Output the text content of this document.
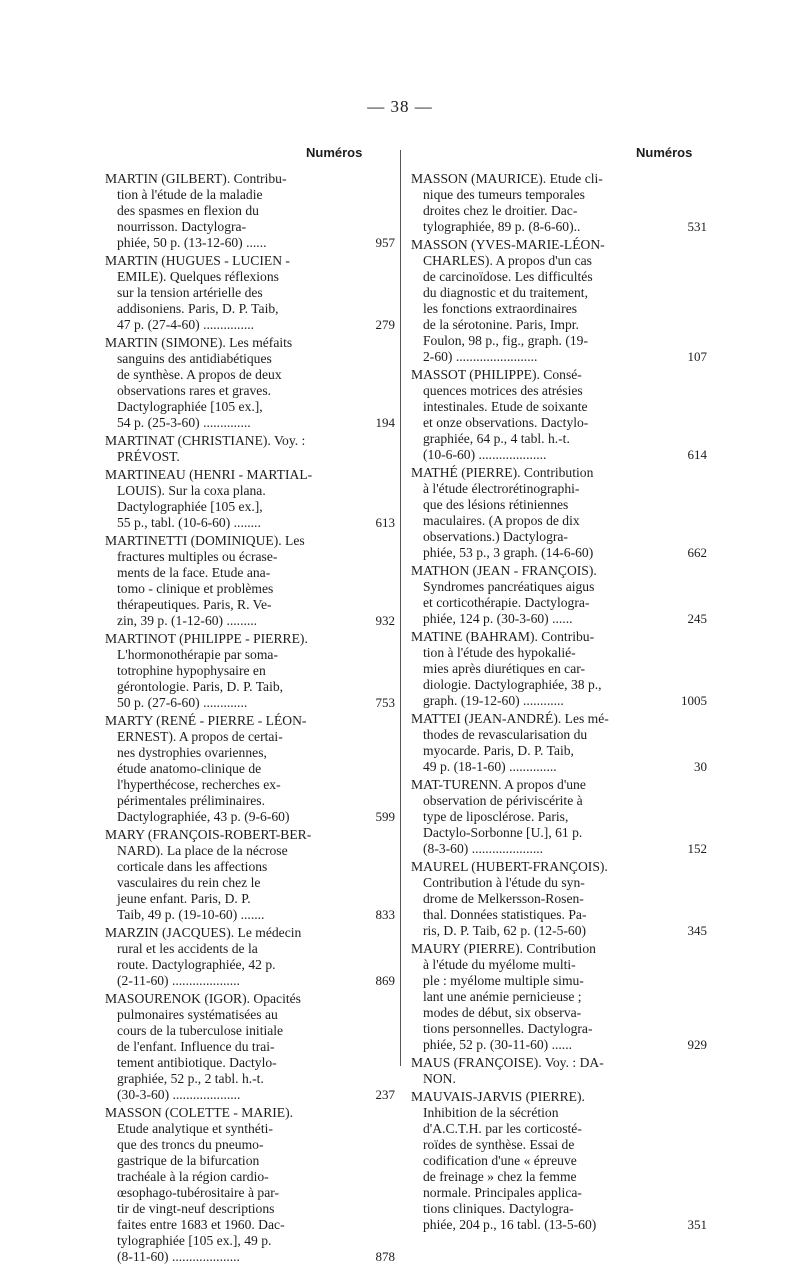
— 38 —
Numéros	Numéros
MARTIN (GILBERT). Contribu-
tion à l'étude de la maladie
des spasmes en flexion du
nourrisson. Dactylogra-
phiée, 50 p. (13-12-60) ......	957
MARTIN (HUGUES - LUCIEN -
EMILE). Quelques réflexions
sur la tension artérielle des
addisoniens. Paris, D. P. Taib,
47 p. (27-4-60) ...............	279
MARTIN (SIMONE). Les méfaits
sanguins des antidiabétiques
de synthèse. A propos de deux
observations rares et graves.
Dactylographiée [105 ex.],
54 p. (25-3-60) ..............	194
MARTINAT (CHRISTIANE). Voy. :
PRÉVOST.
MARTINEAU (HENRI - MARTIAL-
LOUIS). Sur la coxa plana.
Dactylographiée [105 ex.],
55 p., tabl. (10-6-60) ........	613
MARTINETTI (DOMINIQUE). Les
fractures multiples ou écrase-
ments de la face. Etude ana-
tomo - clinique et problèmes
thérapeutiques. Paris, R. Ve-
zin, 39 p. (1-12-60) .........	932
MARTINOT (PHILIPPE - PIERRE).
L'hormonothérapie par soma-
totrophine hypophysaire en
gérontologie. Paris, D. P. Taib,
50 p. (27-6-60) .............	753
MARTY (RENÉ - PIERRE - LÉON-
ERNEST). A propos de certai-
nes dystrophies ovariennes,
étude anatomo-clinique de
l'hyperthécose, recherches ex-
périmentales préliminaires.
Dactylographiée, 43 p. (9-6-60)	599
MARY (FRANÇOIS-ROBERT-BER-
NARD). La place de la nécrose
corticale dans les affections
vasculaires du rein chez le
jeune enfant. Paris, D. P.
Taib, 49 p. (19-10-60) .......	833
MARZIN (JACQUES). Le médecin
rural et les accidents de la
route. Dactylographiée, 42 p.
(2-11-60) ....................	869
MASOURENOK (IGOR). Opacités
pulmonaires systématisées au
cours de la tuberculose initiale
de l'enfant. Influence du trai-
tement antibiotique. Dactylo-
graphiée, 52 p., 2 tabl. h.-t.
(30-3-60) ....................	237
MASSON (COLETTE - MARIE).
Etude analytique et synthéti-
que des troncs du pneumo-
gastrique de la bifurcation
trachéale à la région cardio-
œsophago-tubérositaire à par-
tir de vingt-neuf descriptions
faites entre 1683 et 1960. Dac-
tylographiée [105 ex.], 49 p.
(8-11-60) ....................	878
MASSON (MAURICE). Etude cli-
nique des tumeurs temporales
droites chez le droitier. Dac-
tylographiée, 89 p. (8-6-60)..	531
MASSON (YVES-MARIE-LÉON-
CHARLES). A propos d'un cas
de carcinoïdose. Les difficultés
du diagnostic et du traitement,
les fonctions extraordinaires
de la sérotonine. Paris, Impr.
Foulon, 98 p., fig., graph. (19-
2-60) ........................	107
MASSOT (PHILIPPE). Consé-
quences motrices des atrésies
intestinales. Etude de soixante
et onze observations. Dactylo-
graphiée, 64 p., 4 tabl. h.-t.
(10-6-60) ....................	614
MATHÉ (PIERRE). Contribution
à l'étude électrorétinographi-
que des lésions rétiniennes
maculaires. (A propos de dix
observations.) Dactylogra-
phiée, 53 p., 3 graph. (14-6-60)	662
MATHON (JEAN - FRANÇOIS).
Syndromes pancréatiques aigus
et corticothérapie. Dactylogra-
phiée, 124 p. (30-3-60) ......	245
MATINE (BAHRAM). Contribu-
tion à l'étude des hypokalié-
mies après diurétiques en car-
diologie. Dactylographiée, 38 p.,
graph. (19-12-60) ............	1005
MATTEI (JEAN-ANDRÉ). Les mé-
thodes de revascularisation du
myocarde. Paris, D. P. Taib,
49 p. (18-1-60) ..............	30
MAT-TURENN. A propos d'une
observation de périviscérite à
type de liposclérose. Paris,
Dactylo-Sorbonne [U.], 61 p.
(8-3-60) .....................	152
MAUREL (HUBERT-FRANÇOIS).
Contribution à l'étude du syn-
drome de Melkersson-Rosen-
thal. Données statistiques. Pa-
ris, D. P. Taib, 62 p. (12-5-60)	345
MAURY (PIERRE). Contribution
à l'étude du myélome multi-
ple : myélome multiple simu-
lant une anémie pernicieuse ;
modes de début, six observa-
tions personnelles. Dactylogra-
phiée, 52 p. (30-11-60) ......	929
MAUS (FRANÇOISE). Voy. : DA-
NON.
MAUVAIS-JARVIS (PIERRE).
Inhibition de la sécrétion
d'A.C.T.H. par les corticosté-
roïdes de synthèse. Essai de
codification d'une « épreuve
de freinage » chez la femme
normale. Principales applica-
tions cliniques. Dactylogra-
phiée, 204 p., 16 tabl. (13-5-60)	351
